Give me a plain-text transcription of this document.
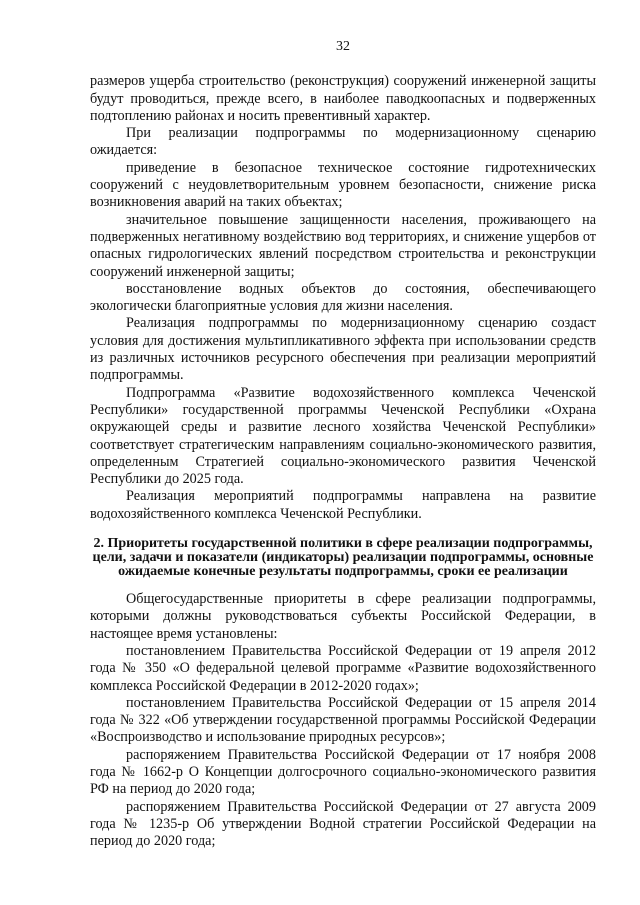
32

размеров ущерба строительство (реконструкция) сооружений инженерной защиты будут проводиться, прежде всего, в наиболее паводкоопасных и подверженных подтоплению районах и носить превентивный характер.

При реализации подпрограммы по модернизационному сценарию ожидается:

приведение в безопасное техническое состояние гидротехнических сооружений с неудовлетворительным уровнем безопасности, снижение риска возникновения аварий на таких объектах;

значительное повышение защищенности населения, проживающего на подверженных негативному воздействию вод территориях, и снижение ущербов от опасных гидрологических явлений посредством строительства и реконструкции сооружений инженерной защиты;

восстановление водных объектов до состояния, обеспечивающего экологически благоприятные условия для жизни населения.

Реализация подпрограммы по модернизационному сценарию создаст условия для достижения мультипликативного эффекта при использовании средств из различных источников ресурсного обеспечения при реализации мероприятий подпрограммы.

Подпрограмма «Развитие водохозяйственного комплекса Чеченской Республики» государственной программы Чеченской Республики «Охрана окружающей среды и развитие лесного хозяйства Чеченской Республики» соответствует стратегическим направлениям социально-экономического развития, определенным Стратегией социально-экономического развития Чеченской Республики до 2025 года.

Реализация мероприятий подпрограммы направлена на развитие водохозяйственного комплекса Чеченской Республики.

2. Приоритеты государственной политики в сфере реализации подпрограммы, цели, задачи и показатели (индикаторы) реализации подпрограммы, основные ожидаемые конечные результаты подпрограммы, сроки ее реализации

Общегосударственные приоритеты в сфере реализации подпрограммы, которыми должны руководствоваться субъекты Российской Федерации, в настоящее время установлены:

постановлением Правительства Российской Федерации от 19 апреля 2012 года № 350 «О федеральной целевой программе «Развитие водохозяйственного комплекса Российской Федерации в 2012-2020 годах»;

постановлением Правительства Российской Федерации от 15 апреля 2014 года № 322 «Об утверждении государственной программы Российской Федерации «Воспроизводство и использование природных ресурсов»;

распоряжением Правительства Российской Федерации от 17 ноября 2008 года № 1662-р О Концепции долгосрочного социально-экономического развития РФ на период до 2020 года;

распоряжением Правительства Российской Федерации от 27 августа 2009 года № 1235-р Об утверждении Водной стратегии Российской Федерации на период до 2020 года;
